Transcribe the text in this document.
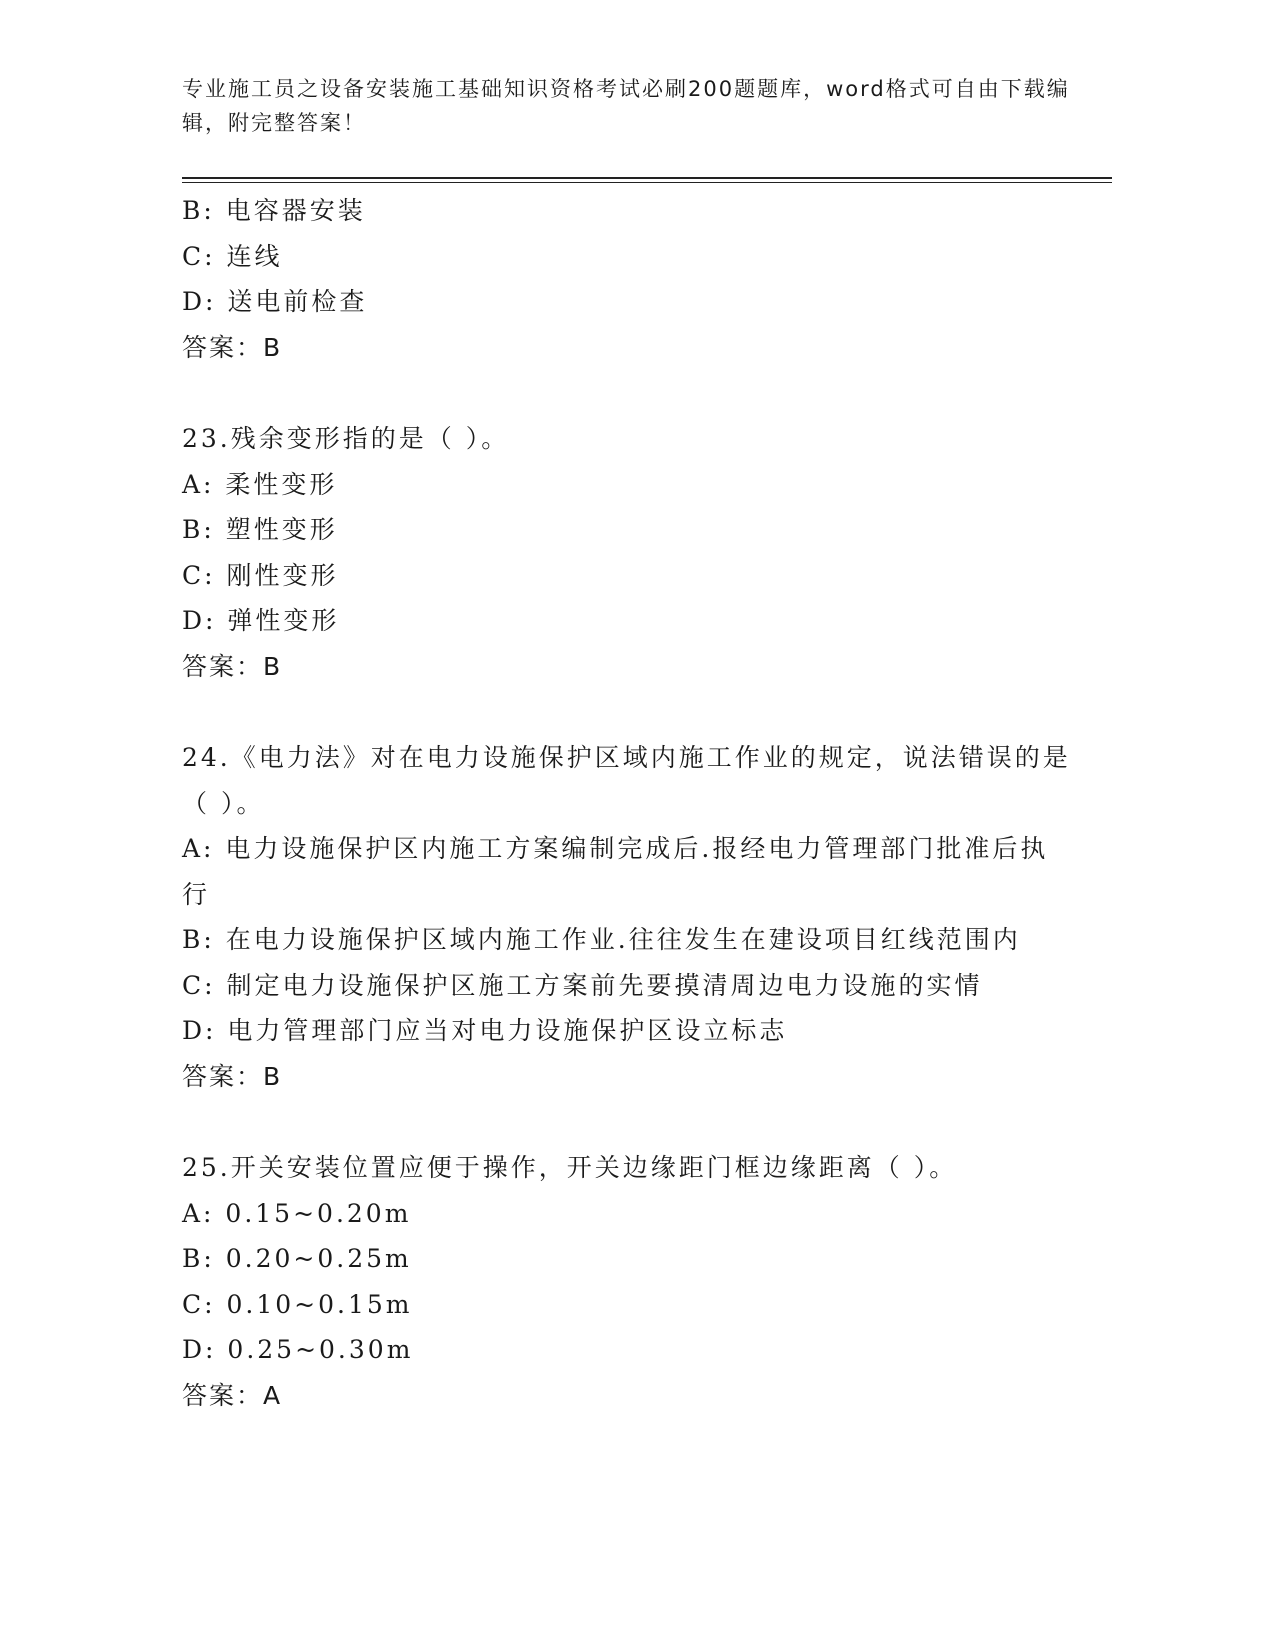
专业施工员之设备安装施工基础知识资格考试必刷200题题库，word格式可自由下载编辑，附完整答案！
B: 电容器安装
C: 连线
D: 送电前检查
答案：B
23.残余变形指的是（ ）。
A: 柔性变形
B: 塑性变形
C: 刚性变形
D: 弹性变形
答案：B
24.《电力法》对在电力设施保护区域内施工作业的规定，说法错误的是（ ）。
A: 电力设施保护区内施工方案编制完成后.报经电力管理部门批准后执行
B: 在电力设施保护区域内施工作业.往往发生在建设项目红线范围内
C: 制定电力设施保护区施工方案前先要摸清周边电力设施的实情
D: 电力管理部门应当对电力设施保护区设立标志
答案：B
25.开关安装位置应便于操作，开关边缘距门框边缘距离（ ）。
A: 0.15~0.20m
B: 0.20~0.25m
C: 0.10~0.15m
D: 0.25~0.30m
答案：A
